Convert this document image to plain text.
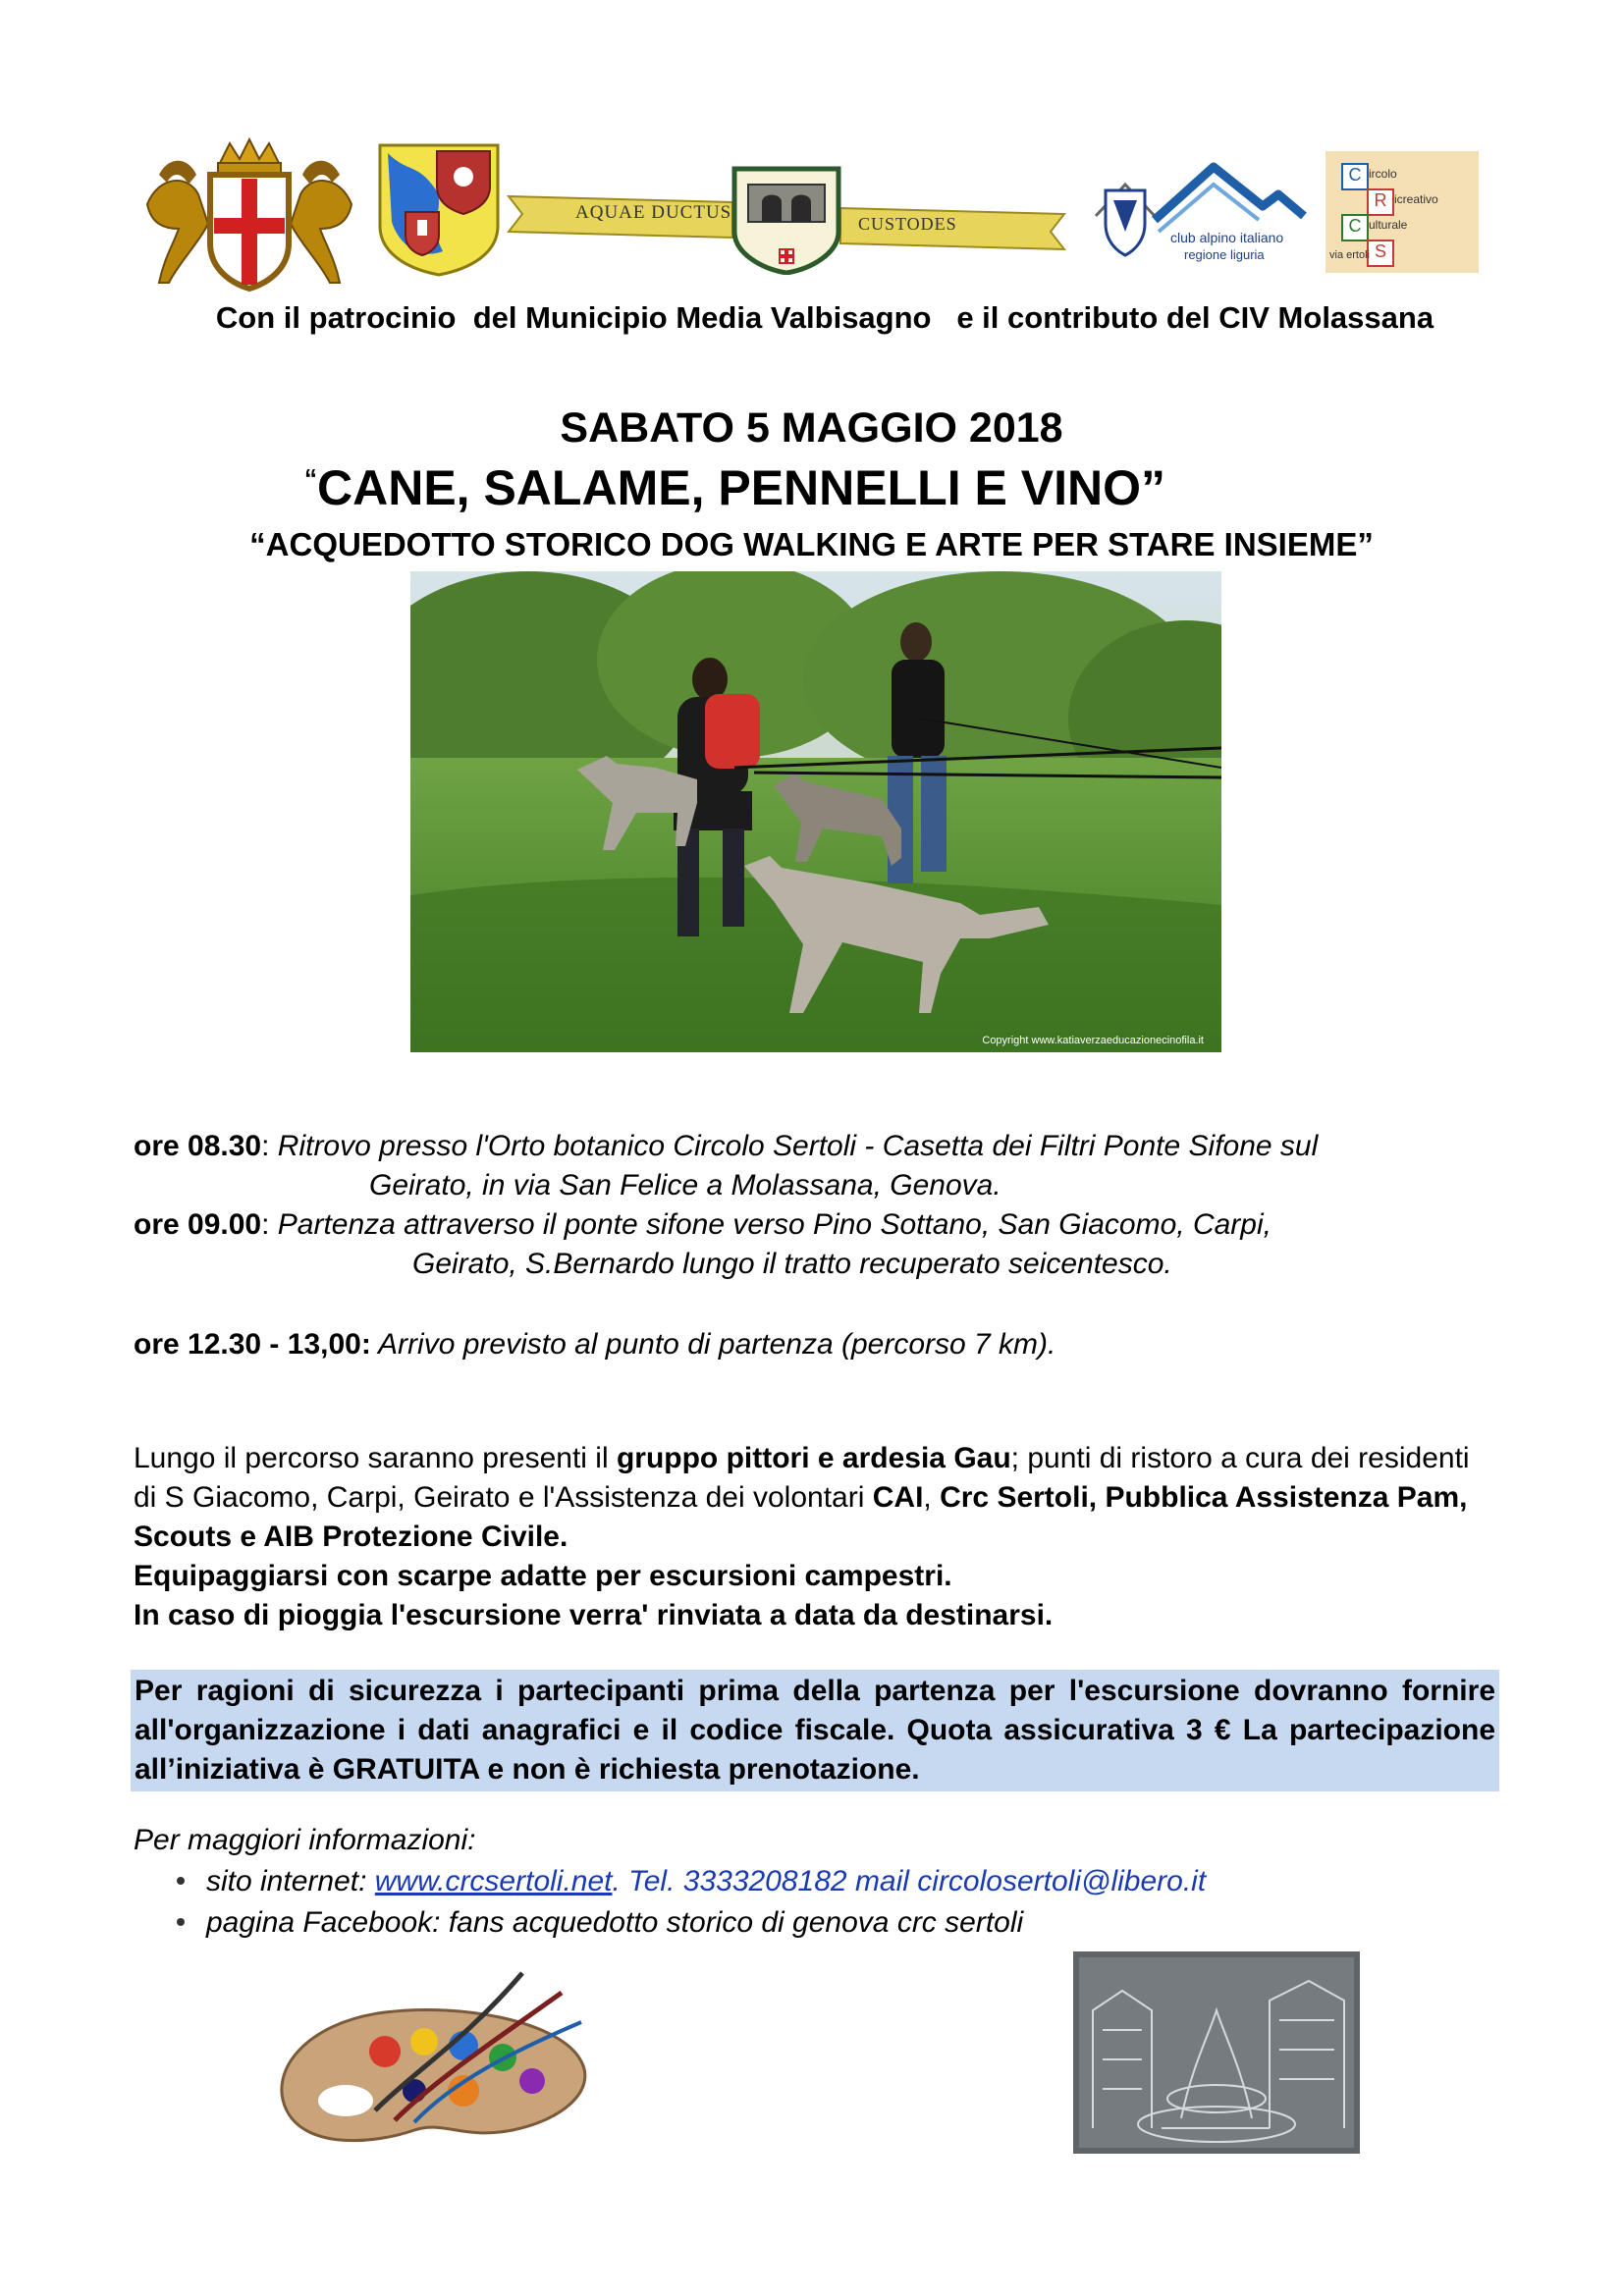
AQUAE DUCTUS
CUSTODES
club alpino italiano
regione liguria
C
R
C
S
ircolo
icreativo
ulturale
via ertoli
Con il patrocinio  del Municipio Media Valbisagno   e il contributo del CIV Molassana
SABATO 5 MAGGIO 2018
“CANE, SALAME, PENNELLI E VINO”
“ACQUEDOTTO STORICO DOG WALKING E ARTE PER STARE INSIEME”
Copyright www.katiaverzaeducazionecinofila.it
ore 08.30: Ritrovo presso l'Orto botanico Circolo Sertoli - Casetta dei Filtri Ponte Sifone sul
Geirato, in via San Felice a Molassana, Genova.
ore 09.00: Partenza attraverso il ponte sifone verso Pino Sottano, San Giacomo, Carpi,
Geirato, S.Bernardo lungo il tratto recuperato seicentesco.
ore 12.30 - 13,00: Arrivo previsto al punto di partenza (percorso 7 km).

Lungo il percorso saranno presenti il gruppo pittori e ardesia Gau; punti di ristoro a cura dei residenti di S Giacomo, Carpi, Geirato e l'Assistenza dei volontari CAI, Crc Sertoli, Pubblica Assistenza Pam, Scouts e AIB Protezione Civile.

Equipaggiarsi con scarpe adatte per escursioni campestri.

In caso di pioggia l'escursione verra' rinviata a data da destinarsi.

Per ragioni di sicurezza i partecipanti prima della partenza per l'escursione dovranno fornire all'organizzazione i dati anagrafici e il codice fiscale. Quota assicurativa 3 € La partecipazione all’iniziativa è GRATUITA e non è richiesta prenotazione.
Per maggiori informazioni:
sito internet: www.crcsertoli.net. Tel. 3333208182 mail circolosertoli@libero.it
pagina Facebook: fans acquedotto storico di genova crc sertoli
